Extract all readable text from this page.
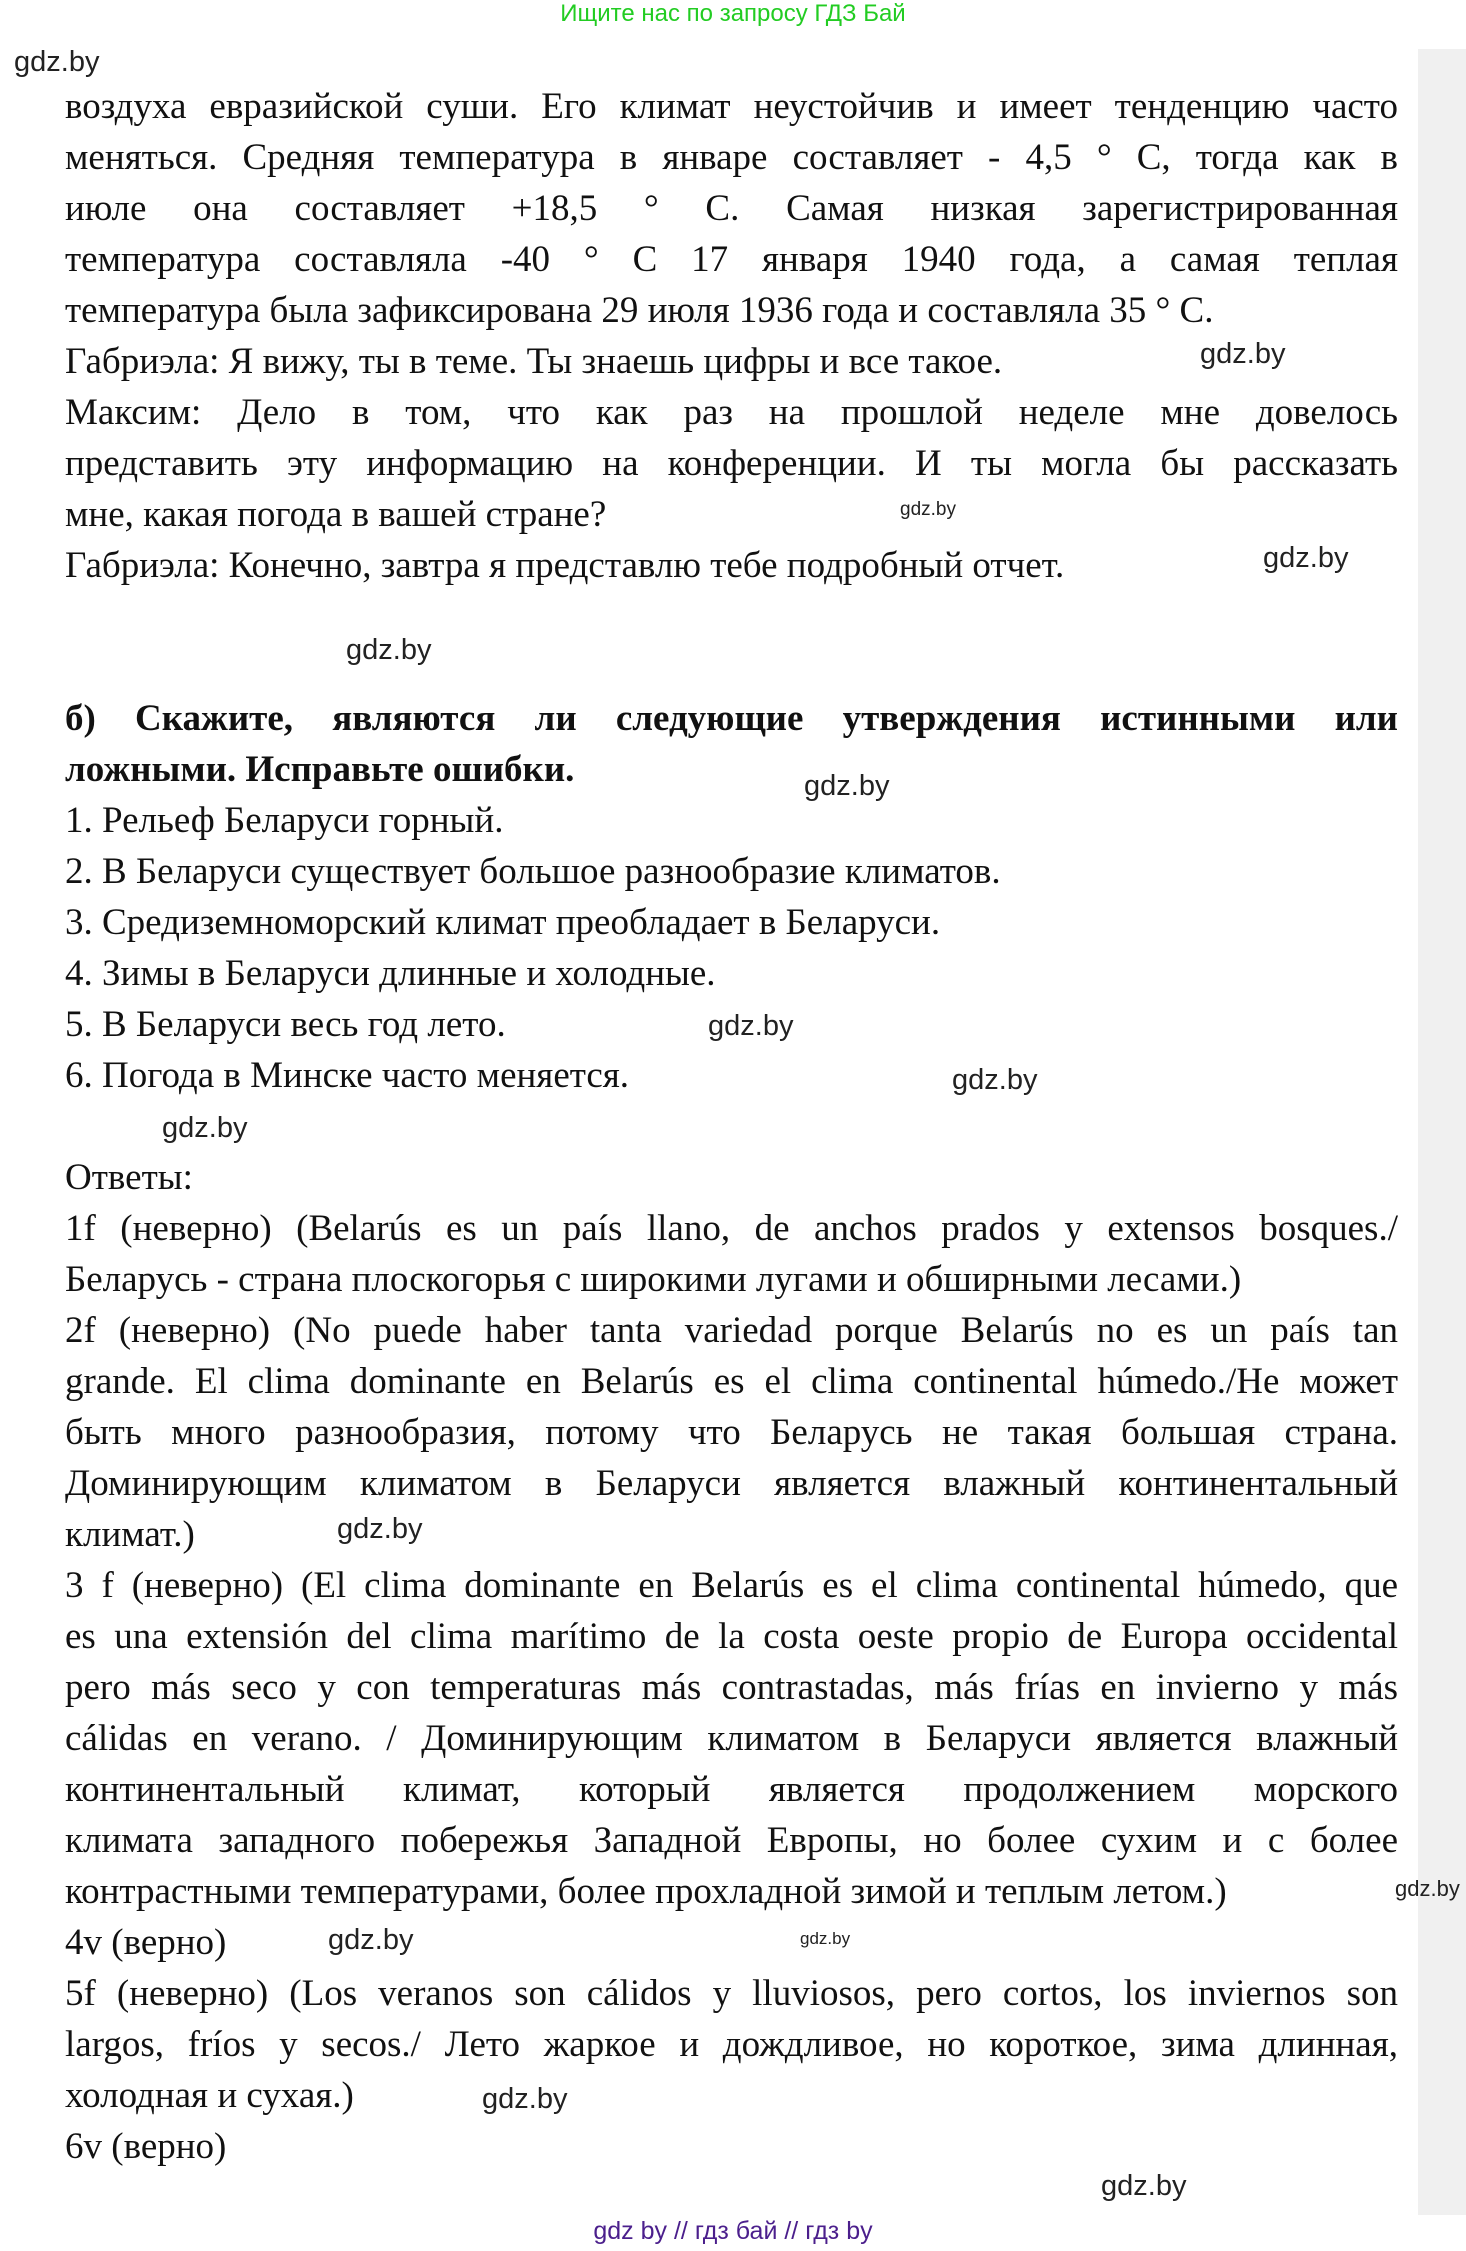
Ищите нас по запросу ГДЗ Бай
воздуха евразийской суши. Его климат неустойчив и имеет тенденцию часто
меняться. Средняя температура в январе составляет - 4,5 ° С, тогда как в
июле она составляет +18,5 ° С. Самая низкая зарегистрированная
температура составляла -40 ° С 17 января 1940 года, а самая теплая
температура была зафиксирована 29 июля 1936 года и составляла 35 ° С.
Габриэла: Я вижу, ты в теме. Ты знаешь цифры и все такое.
Максим: Дело в том, что как раз на прошлой неделе мне довелось
представить эту информацию на конференции. И ты могла бы рассказать
мне, какая погода в вашей стране?
Габриэла: Конечно, завтра я представлю тебе подробный отчет.
б) Скажите, являются ли следующие утверждения истинными или
ложными. Исправьте ошибки.
1. Рельеф Беларуси горный.
2. В Беларуси существует большое разнообразие климатов.
3. Средиземноморский климат преобладает в Беларуси.
4. Зимы в Беларуси длинные и холодные.
5. В Беларуси весь год лето.
6. Погода в Минске часто меняется.
Ответы:
1f (неверно) (Belarús es un país llano, de anchos prados y extensos bosques./
Беларусь - страна плоскогорья с широкими лугами и обширными лесами.)
2f (неверно) (No puede haber tanta variedad porque Belarús no es un país tan
grande. El clima dominante en Belarús es el clima continental húmedo./Не может
быть много разнообразия, потому что Беларусь не такая большая страна.
Доминирующим климатом в Беларуси является влажный континентальный
климат.)
3 f (неверно) (El clima dominante en Belarús es el clima continental húmedo, que
es una extensión del clima marítimo de la costa oeste propio de Europa occidental
pero más seco y con temperaturas más contrastadas, más frías en invierno y más
cálidas en verano. / Доминирующим климатом в Беларуси является влажный
континентальный климат, который является продолжением морского
климата западного побережья Западной Европы, но более сухим и с более
контрастными температурами, более прохладной зимой и теплым летом.)
4v (верно)
5f (неверно) (Los veranos son cálidos y lluviosos, pero cortos, los inviernos son
largos, fríos y secos./ Лето жаркое и дождливое, но короткое, зима длинная,
холодная и сухая.)
6v (верно)
gdz.by
gdz.by
gdz.by
gdz.by
gdz.by
gdz.by
gdz.by
gdz.by
gdz.by
gdz.by
gdz.by
gdz.by
gdz.by
gdz.by
gdz.by
gdz by // гдз бай // гдз by
